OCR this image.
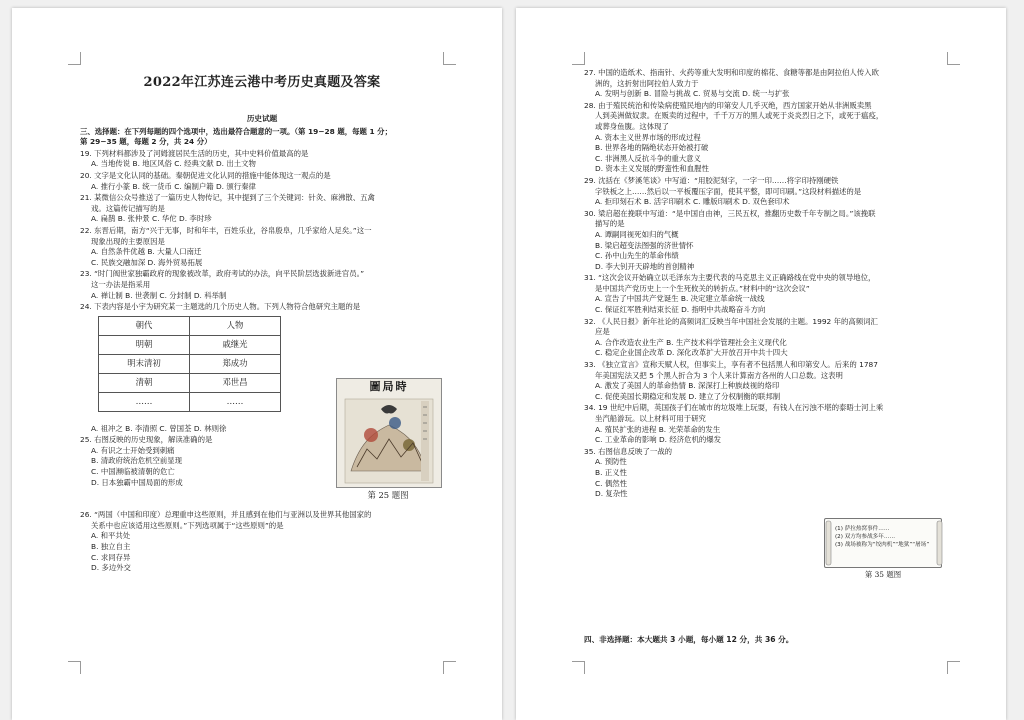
2022年江苏连云港中考历史真题及答案
历史试题
三、选择题：在下列每题的四个选项中，选出最符合题意的一项。（第 19−28 题，每题 1 分；
第 29−35 题，每题 2 分，共 24 分）
19. 下列材料都涉及了河姆渡居民生活的历史，其中史料价值最高的是
A. 当地传说 B. 地区风俗 C. 经典文献 D. 出土文物
20. 文字是文化认同的基础。秦朝促进文化认同的措施中能体现这一观点的是
A. 推行小篆 B. 统一货币 C. 编制户籍 D. 颁行秦律
21. 某微信公众号推送了一篇历史人物传记，其中提到了三个关键词：针灸、麻沸散、五禽
戏。这篇传记描写的是
A. 扁鹊 B. 张仲景 C. 华佗 D. 李时珍
22. 东晋后期，南方“兴于无事，时和年丰，百姓乐业，谷帛殷阜，几乎家给人足矣。”这一
现象出现的主要原因是
A. 自然条件优越 B. 大量人口南迁
C. 民族交融加深 D. 海外贸易拓展
23. “时门阀世家独霸政府的现象被改革，政府考试的办法，向平民阶层选拔新进官员。”
这一办法是指采用
A. 禅让制 B. 世袭制 C. 分封制 D. 科举制
24. 下表内容是小宇为研究某一主题选的几个历史人物。下列人物符合他研究主题的是
朝代	人物
明朝	戚继光
明末清初	郑成功
清朝	邓世昌
……	……
圖局時
第 25 题图
A. 祖冲之 B. 李清照 C. 曾国荃 D. 林则徐
25. 右图反映的历史现象，解读准确的是
A. 有识之士开始受到刺痛
B. 清政府统治危机空前显现
C. 中国濒临被清朝的危亡
D. 日本独霸中国局面的形成
26. “两国（中国和印度）总理重申这些原则，并且感到在他们与亚洲以及世界其他国家的
关系中也应该适用这些原则。”下列选项属于“这些原则”的是
A. 和平共处
B. 独立自主
C. 求同存异
D. 多边外交
27. 中国的造纸术、指南针、火药等重大发明和印度的棉花、食糖等都是由阿拉伯人传入欧
洲的，这折射出阿拉伯人致力于
A. 发明与创新 B. 冒险与挑战 C. 贸易与交流 D. 统一与扩张
28. 由于殖民统治和传染病使殖民地内的印第安人几乎灭绝，西方国家开始从非洲贩卖黑
人到美洲做奴隶。在贩卖的过程中，千千万万的黑人或死于炎炎烈日之下，或死于瘟疫，
或葬身鱼腹。这体现了
A. 资本主义世界市场的形成过程
B. 世界各地的隔绝状态开始被打破
C. 非洲黑人反抗斗争的重大意义
D. 资本主义发展的野蛮性和血腥性
29. 沈括在《梦溪笔谈》中写道：“用胶泥刻字，一字一印……将字印持刚硬铁
字铁板之上……然后以一平板覆压字面，使其平整，即可印刷。”这段材料描述的是
A. 拒印刻石术 B. 活字印刷术 C. 雕版印刷术 D. 双色套印术
30. 梁启超在挽联中写道：“是中国自由神，三民五权，推翻历史数千年专制之局。”该挽联
描写的是
A. 谭嗣同视死如归的气概
B. 梁启超变法图强的济世情怀
C. 孙中山先生的革命伟绩
D. 李大钊开天辟地的首创精神
31. “这次会议开始确立以毛泽东为主要代表的马克思主义正确路线在党中央的领导地位，
是中国共产党历史上一个生死攸关的转折点。”材料中的“这次会议”
A. 宣告了中国共产党诞生 B. 决定建立革命统一战线
C. 保证红军胜利结束长征 D. 指明中共战略奋斗方向
32. 《人民日报》新年社论的高频词汇反映当年中国社会发展的主题。1992 年的高频词汇
应是
A. 合作改造农业生产 B. 生产技术科学管理社会主义现代化
C. 稳定企业国企改革 D. 深化改革扩大开放召开中共十四大
33. 《独立宣言》宣称天赋人权，但事实上，享有者不包括黑人和印第安人。后来的 1787
年美国宪法又把 5 个黑人折合为 3 个人来计算南方各州的人口总数。这表明
A. 激发了美国人的革命热情 B. 深深打上种族歧视的烙印
C. 促使美国长期稳定和发展 D. 建立了分权制衡的联邦制
34. 19 世纪中后期，英国孩子们在城市的垃圾堆上玩耍，有钱人在污浊不堪的泰晤士河上乘
坐汽船游玩。以上材料可用于研究
A. 殖民扩张的进程 B. 光荣革命的发生
C. 工业革命的影响 D. 经济危机的爆发
35. 右图信息反映了一战的
A. 预防性
B. 正义性
C. 偶然性
D. 复杂性
(1) 萨拉热窝事件……
(2) 双方均参战多年……
(3) 战场被称为“绞肉机”“地狱”“屠场”
第 35 题图
四、非选择题：本大题共 3 小题，每小题 12 分，共 36 分。
